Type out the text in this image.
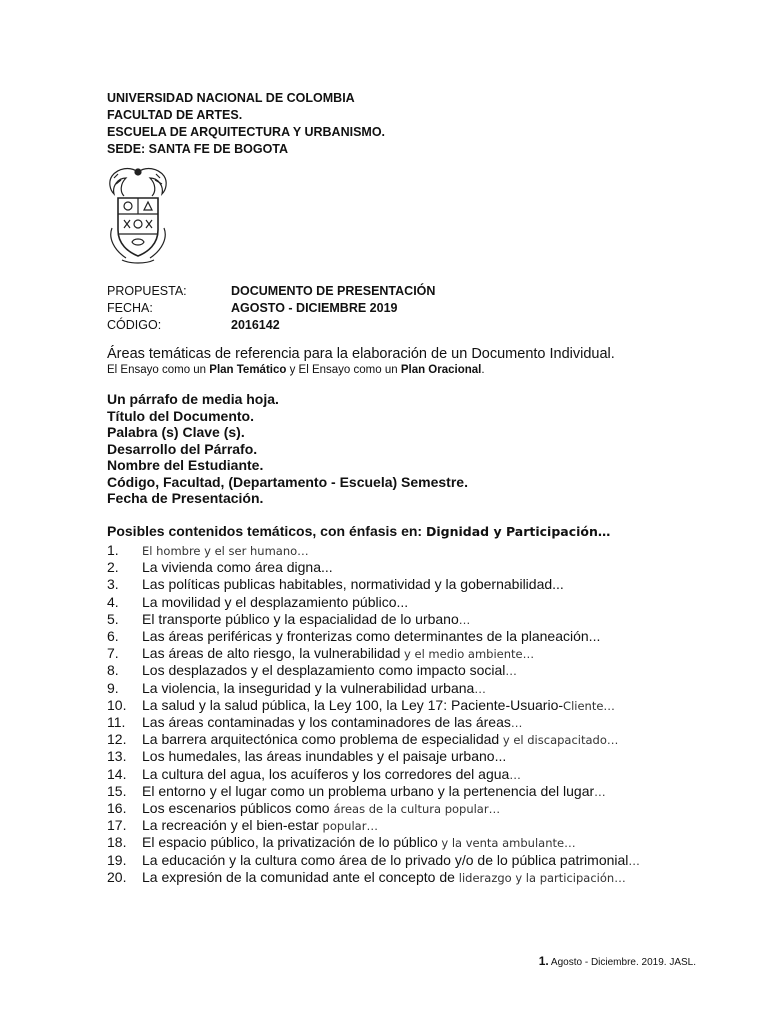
UNIVERSIDAD NACIONAL DE COLOMBIA
FACULTAD DE ARTES.
ESCUELA DE ARQUITECTURA Y URBANISMO.
SEDE: SANTA FE DE BOGOTA
PROPUESTA:	DOCUMENTO DE PRESENTACIÓN
FECHA:	AGOSTO - DICIEMBRE 2019
CÓDIGO:	2016142
Áreas temáticas de referencia para la elaboración de un Documento Individual.
El Ensayo como un Plan Temático y El Ensayo como un Plan Oracional.
Un párrafo de media hoja.
Título del Documento.
Palabra (s) Clave (s).
Desarrollo del Párrafo.
Nombre del Estudiante.
Código, Facultad, (Departamento - Escuela) Semestre.
Fecha de Presentación.
Posibles contenidos temáticos, con énfasis en: Dignidad y Participación…
1.	El hombre y el ser humano…
2.	La vivienda como área digna...
3.	Las políticas publicas habitables, normatividad y la gobernabilidad...
4.	La movilidad y el desplazamiento público...
5.	El transporte público y la espacialidad de lo urbano…
6.	Las áreas periféricas y fronterizas como determinantes de la planeación...
7.	Las áreas de alto riesgo, la vulnerabilidad y el medio ambiente…
8.	Los desplazados y el desplazamiento como impacto social…
9.	La violencia, la inseguridad y la vulnerabilidad urbana…
10.	La salud y la salud pública, la Ley 100, la Ley 17: Paciente-Usuario-Cliente…
11.	Las áreas contaminadas y los contaminadores de las áreas…
12.	La barrera arquitectónica como problema de especialidad y el discapacitado…
13.	Los humedales, las áreas inundables y el paisaje urbano...
14.	La cultura del agua, los acuíferos y los corredores del agua…
15.	El entorno y el lugar como un problema urbano y la pertenencia del lugar…
16.	Los escenarios públicos como áreas de la cultura popular…
17.	La recreación y el bien-estar popular…
18.	El espacio público, la privatización de lo público y la venta ambulante…
19.	La educación y la cultura como área de lo privado y/o de lo pública patrimonial…
20.	La expresión de la comunidad ante el concepto de liderazgo y la participación…
1. Agosto - Diciembre. 2019. JASL.
